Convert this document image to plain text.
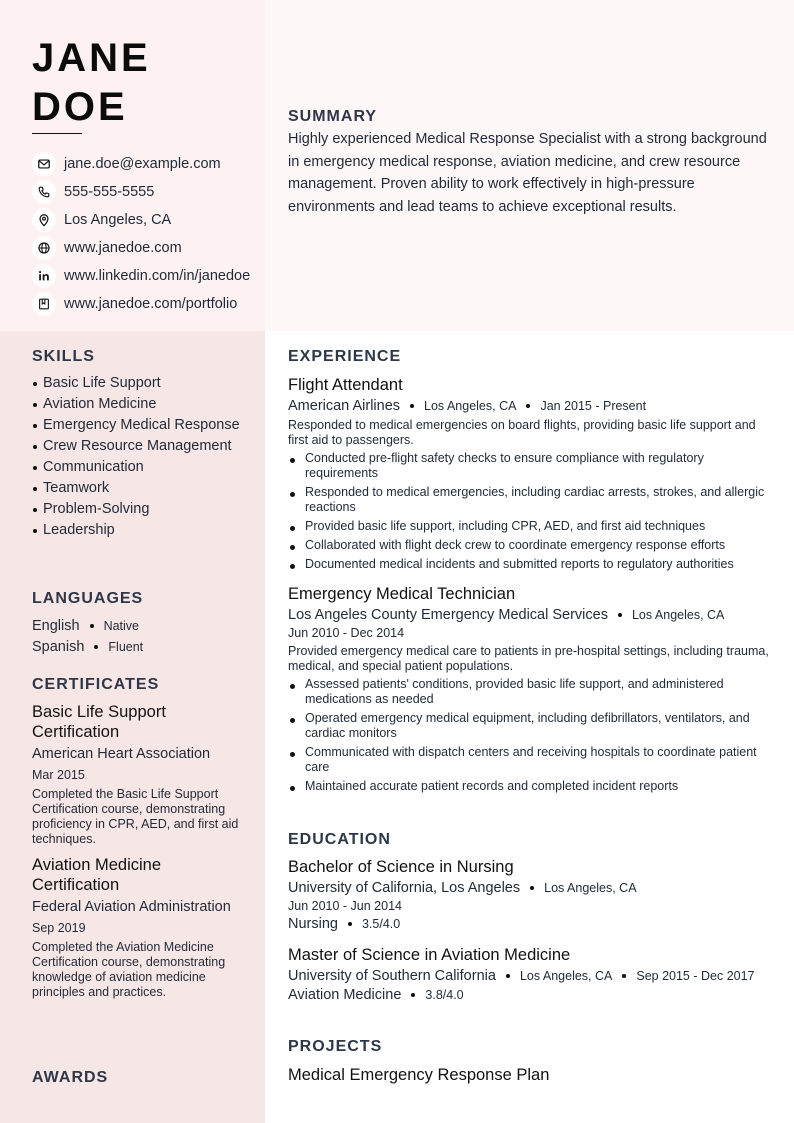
JANE
DOE
jane.doe@example.com
555-555-5555
Los Angeles, CA
www.janedoe.com
www.linkedin.com/in/janedoe
www.janedoe.com/portfolio
SUMMARY

Highly experienced Medical Response Specialist with a strong background in emergency medical response, aviation medicine, and crew resource management. Proven ability to work effectively in high-pressure environments and lead teams to achieve exceptional results.

SKILLS
Basic Life Support
Aviation Medicine
Emergency Medical Response
Crew Resource Management
Communication
Teamwork
Problem-Solving
Leadership
LANGUAGES
English Native
Spanish Fluent
CERTIFICATES
Basic Life Support Certification
American Heart Association
Mar 2015
Completed the Basic Life Support Certification course, demonstrating proficiency in CPR, AED, and first aid techniques.
Aviation Medicine Certification
Federal Aviation Administration
Sep 2019
Completed the Aviation Medicine Certification course, demonstrating knowledge of aviation medicine principles and practices.
AWARDS
EXPERIENCE
Flight Attendant
American Airlines Los Angeles, CA Jan 2015 - Present
Responded to medical emergencies on board flights, providing basic life support and first aid to passengers.
Conducted pre-flight safety checks to ensure compliance with regulatory requirements
Responded to medical emergencies, including cardiac arrests, strokes, and allergic reactions
Provided basic life support, including CPR, AED, and first aid techniques
Collaborated with flight deck crew to coordinate emergency response efforts
Documented medical incidents and submitted reports to regulatory authorities
Emergency Medical Technician
Los Angeles County Emergency Medical Services Los Angeles, CA
Jun 2010 - Dec 2014
Provided emergency medical care to patients in pre-hospital settings, including trauma, medical, and special patient populations.
Assessed patients' conditions, provided basic life support, and administered medications as needed
Operated emergency medical equipment, including defibrillators, ventilators, and cardiac monitors
Communicated with dispatch centers and receiving hospitals to coordinate patient care
Maintained accurate patient records and completed incident reports
EDUCATION
Bachelor of Science in Nursing
University of California, Los Angeles Los Angeles, CA
Jun 2010 - Jun 2014
Nursing 3.5/4.0
Master of Science in Aviation Medicine
University of Southern California Los Angeles, CA Sep 2015 - Dec 2017
Aviation Medicine 3.8/4.0
PROJECTS
Medical Emergency Response Plan
